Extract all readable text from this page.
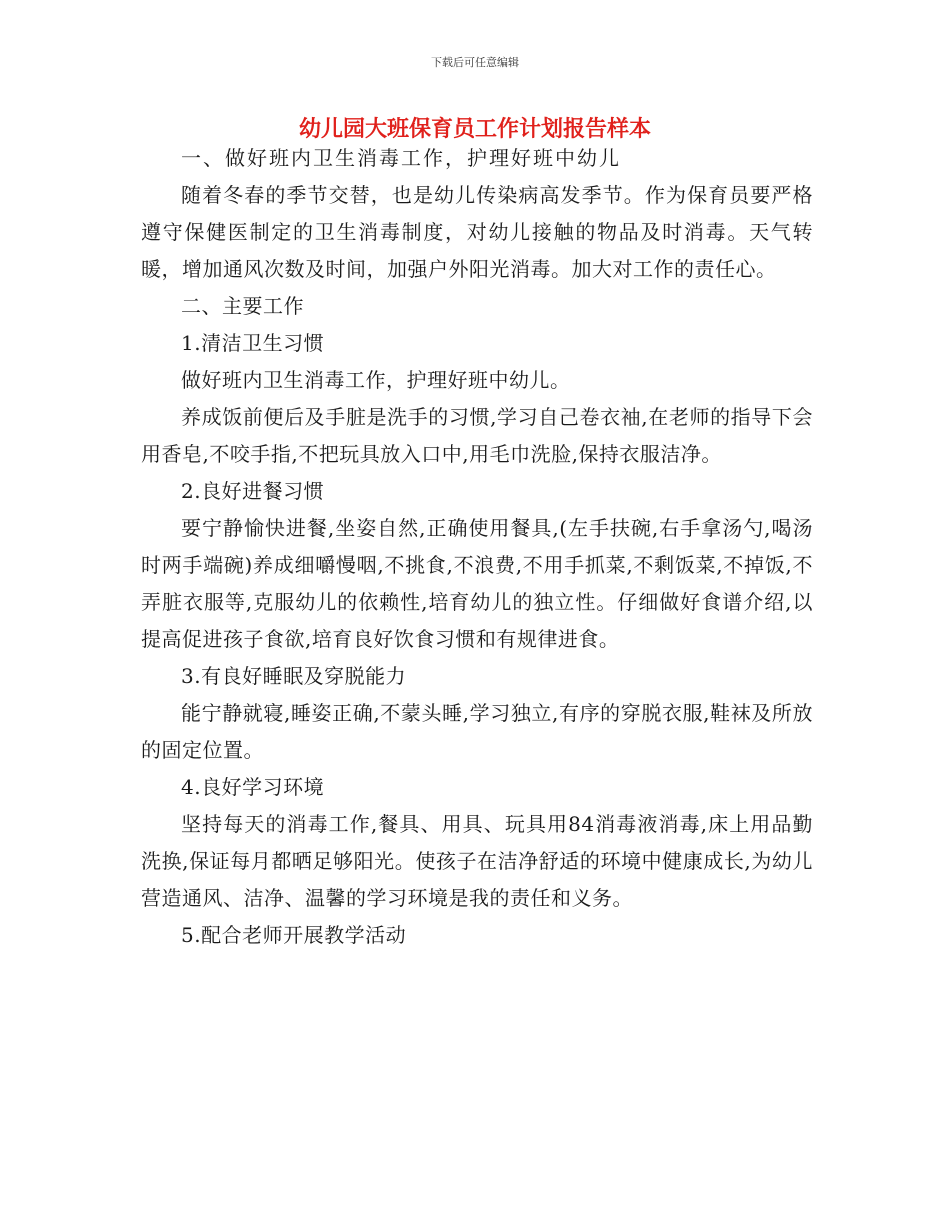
下载后可任意编辑
幼儿园大班保育员工作计划报告样本

一、做好班内卫生消毒工作，护理好班中幼儿

随着冬春的季节交替，也是幼儿传染病高发季节。作为保育员要严格遵守保健医制定的卫生消毒制度，对幼儿接触的物品及时消毒。天气转暖，增加通风次数及时间，加强户外阳光消毒。加大对工作的责任心。

二、主要工作

1.清洁卫生习惯

做好班内卫生消毒工作，护理好班中幼儿。

养成饭前便后及手脏是洗手的习惯,学习自己卷衣袖,在老师的指导下会用香皂,不咬手指,不把玩具放入口中,用毛巾洗脸,保持衣服洁净。

2.良好进餐习惯

要宁静愉快进餐,坐姿自然,正确使用餐具,(左手扶碗,右手拿汤勺,喝汤时两手端碗)养成细嚼慢咽,不挑食,不浪费,不用手抓菜,不剩饭菜,不掉饭,不弄脏衣服等,克服幼儿的依赖性,培育幼儿的独立性。仔细做好食谱介绍,以提高促进孩子食欲,培育良好饮食习惯和有规律进食。

3.有良好睡眠及穿脱能力

能宁静就寝,睡姿正确,不蒙头睡,学习独立,有序的穿脱衣服,鞋袜及所放的固定位置。

4.良好学习环境

坚持每天的消毒工作,餐具、用具、玩具用84消毒液消毒,床上用品勤洗换,保证每月都晒足够阳光。使孩子在洁净舒适的环境中健康成长,为幼儿营造通风、洁净、温馨的学习环境是我的责任和义务。

5.配合老师开展教学活动
